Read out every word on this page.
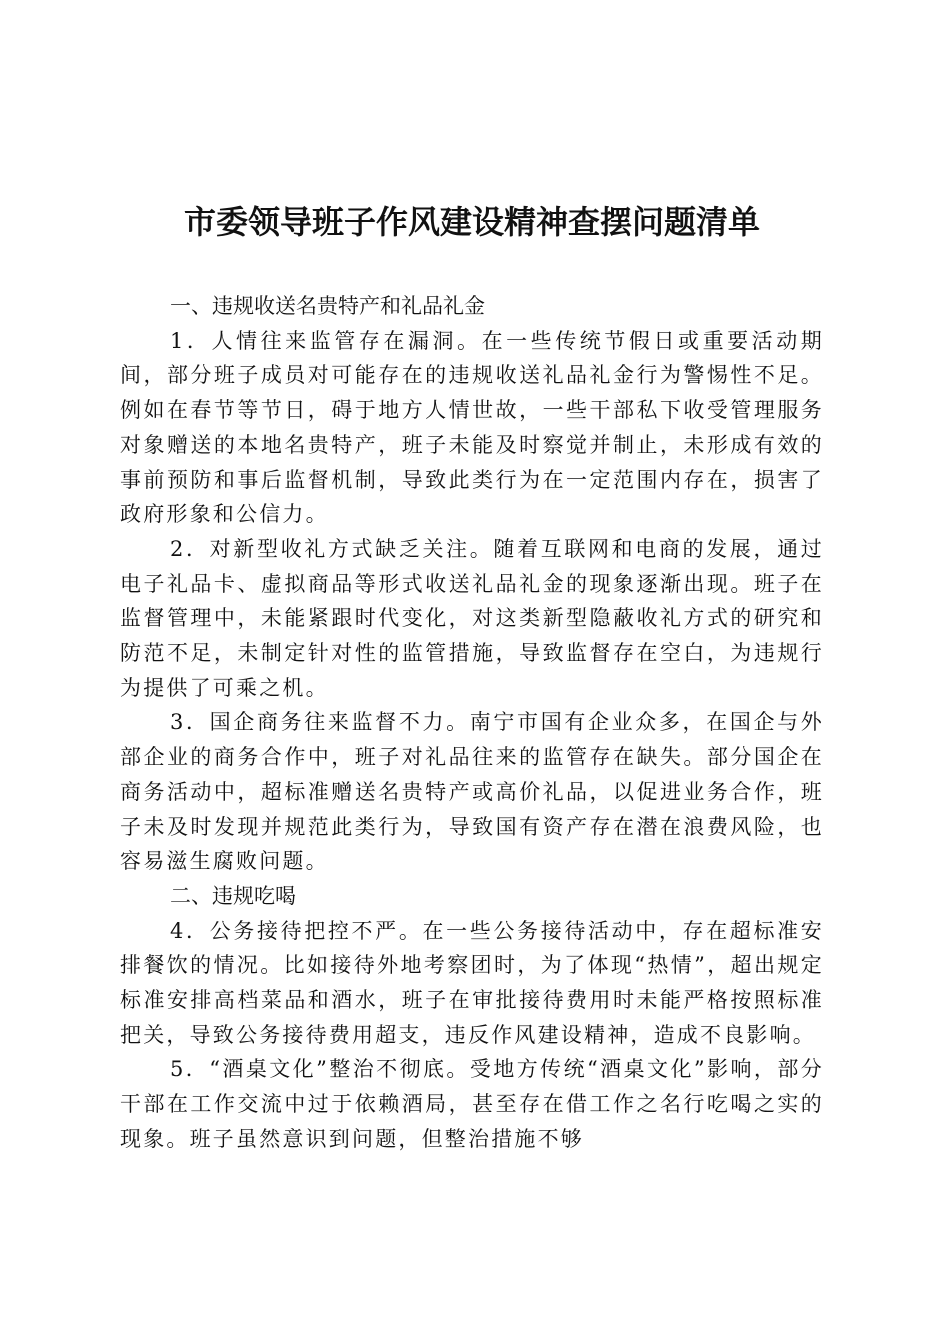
市委领导班子作风建设精神查摆问题清单

一、违规收送名贵特产和礼品礼金

1．人情往来监管存在漏洞。在一些传统节假日或重要活动期间，部分班子成员对可能存在的违规收送礼品礼金行为警惕性不足。例如在春节等节日，碍于地方人情世故，一些干部私下收受管理服务对象赠送的本地名贵特产，班子未能及时察觉并制止，未形成有效的事前预防和事后监督机制，导致此类行为在一定范围内存在，损害了政府形象和公信力。

2．对新型收礼方式缺乏关注。随着互联网和电商的发展，通过电子礼品卡、虚拟商品等形式收送礼品礼金的现象逐渐出现。班子在监督管理中，未能紧跟时代变化，对这类新型隐蔽收礼方式的研究和防范不足，未制定针对性的监管措施，导致监督存在空白，为违规行为提供了可乘之机。

3．国企商务往来监督不力。南宁市国有企业众多，在国企与外部企业的商务合作中，班子对礼品往来的监管存在缺失。部分国企在商务活动中，超标准赠送名贵特产或高价礼品，以促进业务合作，班子未及时发现并规范此类行为，导致国有资产存在潜在浪费风险，也容易滋生腐败问题。

二、违规吃喝

4．公务接待把控不严。在一些公务接待活动中，存在超标准安排餐饮的情况。比如接待外地考察团时，为了体现“热情”，超出规定标准安排高档菜品和酒水，班子在审批接待费用时未能严格按照标准把关，导致公务接待费用超支，违反作风建设精神，造成不良影响。

5．“酒桌文化”整治不彻底。受地方传统“酒桌文化”影响，部分干部在工作交流中过于依赖酒局，甚至存在借工作之名行吃喝之实的现象。班子虽然意识到问题，但整治措施不够
